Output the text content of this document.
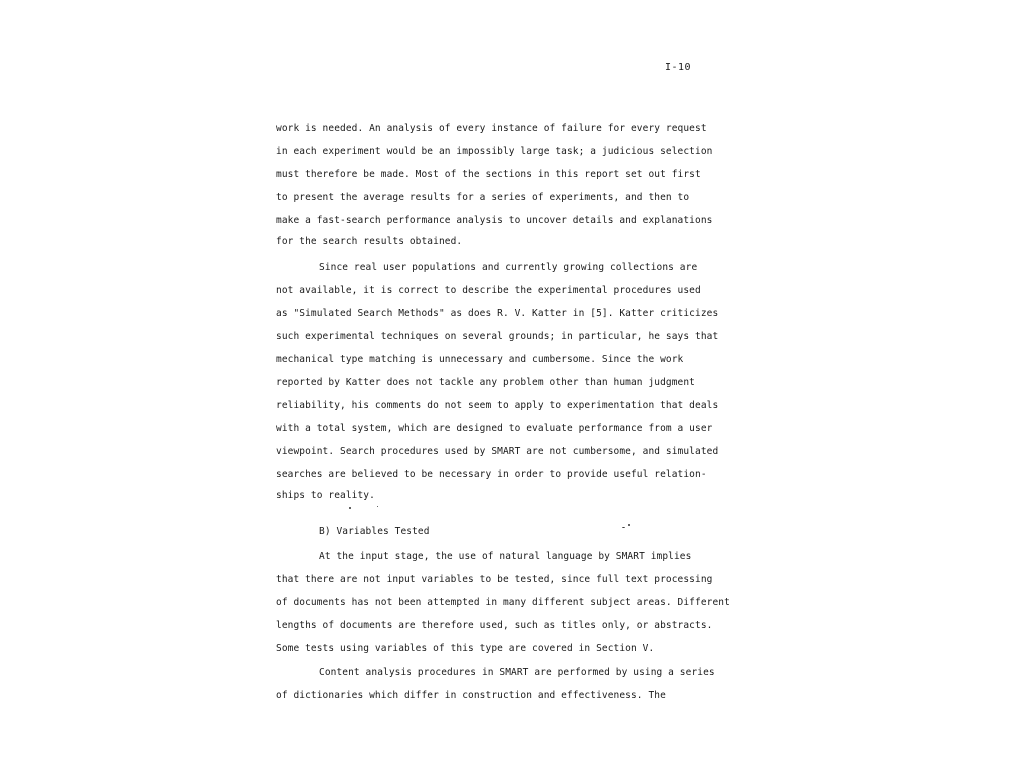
I-10
work is needed. An analysis of every instance of failure for every request
in each experiment would be an impossibly large task; a judicious selection
must therefore be made. Most of the sections in this report set out first
to present the average results for a series of experiments, and then to
make a fast-search performance analysis to uncover details and explanations
for the search results obtained.
Since real user populations and currently growing collections are
not available, it is correct to describe the experimental procedures used
as "Simulated Search Methods" as does R. V. Katter in [5]. Katter criticizes
such experimental techniques on several grounds; in particular, he says that
mechanical type matching is unnecessary and cumbersome. Since the work
reported by Katter does not tackle any problem other than human judgment
reliability, his comments do not seem to apply to experimentation that deals
with a total system, which are designed to evaluate performance from a user
viewpoint. Search procedures used by SMART are not cumbersome, and simulated
searches are believed to be necessary in order to provide useful relation-
ships to reality.
B) Variables Tested
At the input stage, the use of natural language by SMART implies
that there are not input variables to be tested, since full text processing
of documents has not been attempted in many different subject areas. Different
lengths of documents are therefore used, such as titles only, or abstracts.
Some tests using variables of this type are covered in Section V.
Content analysis procedures in SMART are performed by using a series
of dictionaries which differ in construction and effectiveness. The
